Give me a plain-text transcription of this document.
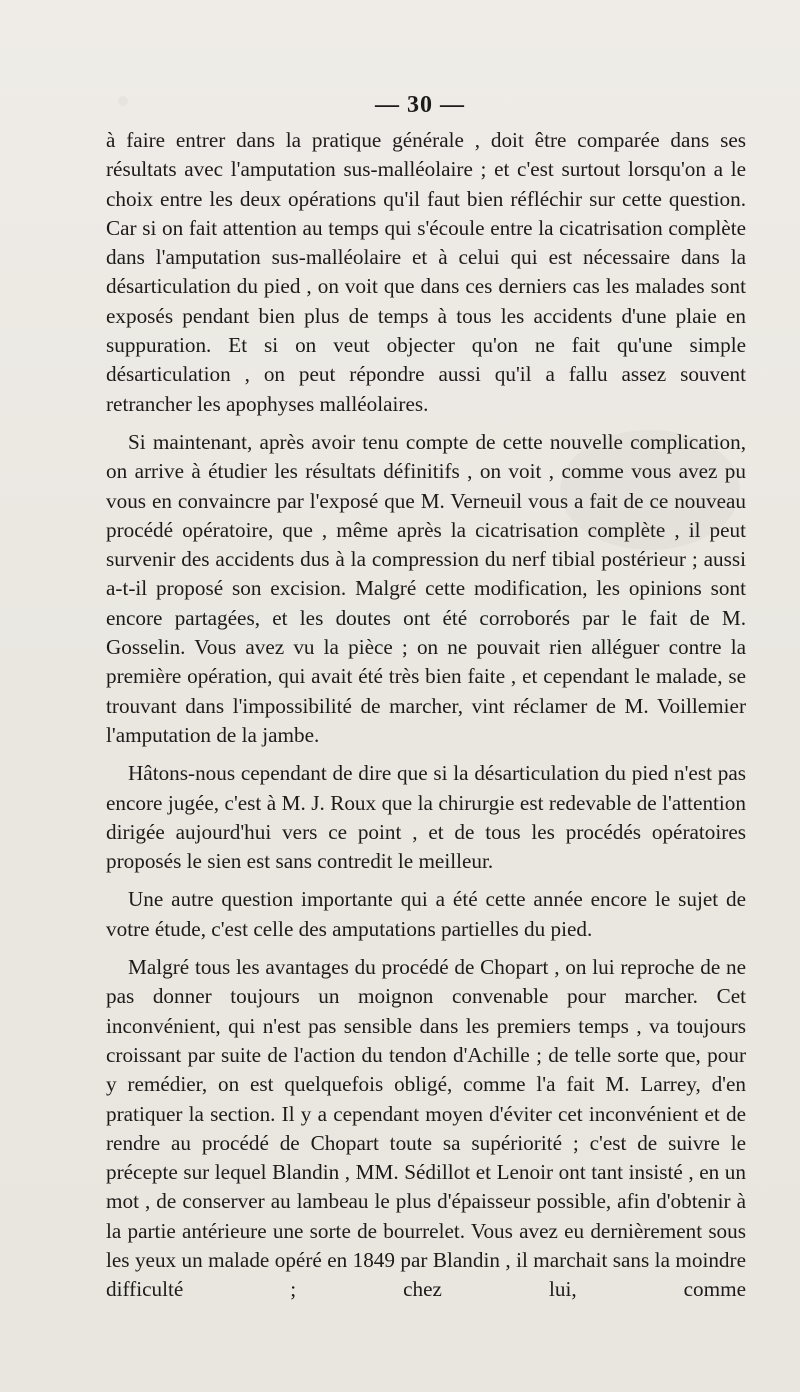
— 30 —

à faire entrer dans la pratique générale , doit être comparée dans ses résultats avec l'amputation sus-malléolaire ; et c'est surtout lorsqu'on a le choix entre les deux opérations qu'il faut bien réfléchir sur cette question. Car si on fait attention au temps qui s'écoule entre la cicatrisation complète dans l'amputation sus-malléolaire et à celui qui est nécessaire dans la désarticulation du pied , on voit que dans ces derniers cas les malades sont exposés pendant bien plus de temps à tous les accidents d'une plaie en suppuration. Et si on veut objecter qu'on ne fait qu'une simple désarticulation , on peut répondre aussi qu'il a fallu assez souvent retrancher les apophyses malléolaires.

Si maintenant, après avoir tenu compte de cette nouvelle complication, on arrive à étudier les résultats définitifs , on voit , comme vous avez pu vous en convaincre par l'exposé que M. Verneuil vous a fait de ce nouveau procédé opératoire, que , même après la cicatrisation complète , il peut survenir des accidents dus à la compression du nerf tibial postérieur ; aussi a-t-il proposé son excision. Malgré cette modification, les opinions sont encore partagées, et les doutes ont été corroborés par le fait de M. Gosselin. Vous avez vu la pièce ; on ne pouvait rien alléguer contre la première opération, qui avait été très bien faite , et cependant le malade, se trouvant dans l'impossibilité de marcher, vint réclamer de M. Voillemier l'amputation de la jambe.

Hâtons-nous cependant de dire que si la désarticulation du pied n'est pas encore jugée, c'est à M. J. Roux que la chirurgie est redevable de l'attention dirigée aujourd'hui vers ce point , et de tous les procédés opératoires proposés le sien est sans contredit le meilleur.

Une autre question importante qui a été cette année encore le sujet de votre étude, c'est celle des amputations partielles du pied.

Malgré tous les avantages du procédé de Chopart , on lui reproche de ne pas donner toujours un moignon convenable pour marcher. Cet inconvénient, qui n'est pas sensible dans les premiers temps , va toujours croissant par suite de l'action du tendon d'Achille ; de telle sorte que, pour y remédier, on est quelquefois obligé, comme l'a fait M. Larrey, d'en pratiquer la section. Il y a cependant moyen d'éviter cet inconvénient et de rendre au procédé de Chopart toute sa supériorité ; c'est de suivre le précepte sur lequel Blandin , MM. Sédillot et Lenoir ont tant insisté , en un mot , de conserver au lambeau le plus d'épaisseur possible, afin d'obtenir à la partie antérieure une sorte de bourrelet. Vous avez eu dernièrement sous les yeux un malade opéré en 1849 par Blandin , il marchait sans la moindre difficulté ; chez lui, comme
